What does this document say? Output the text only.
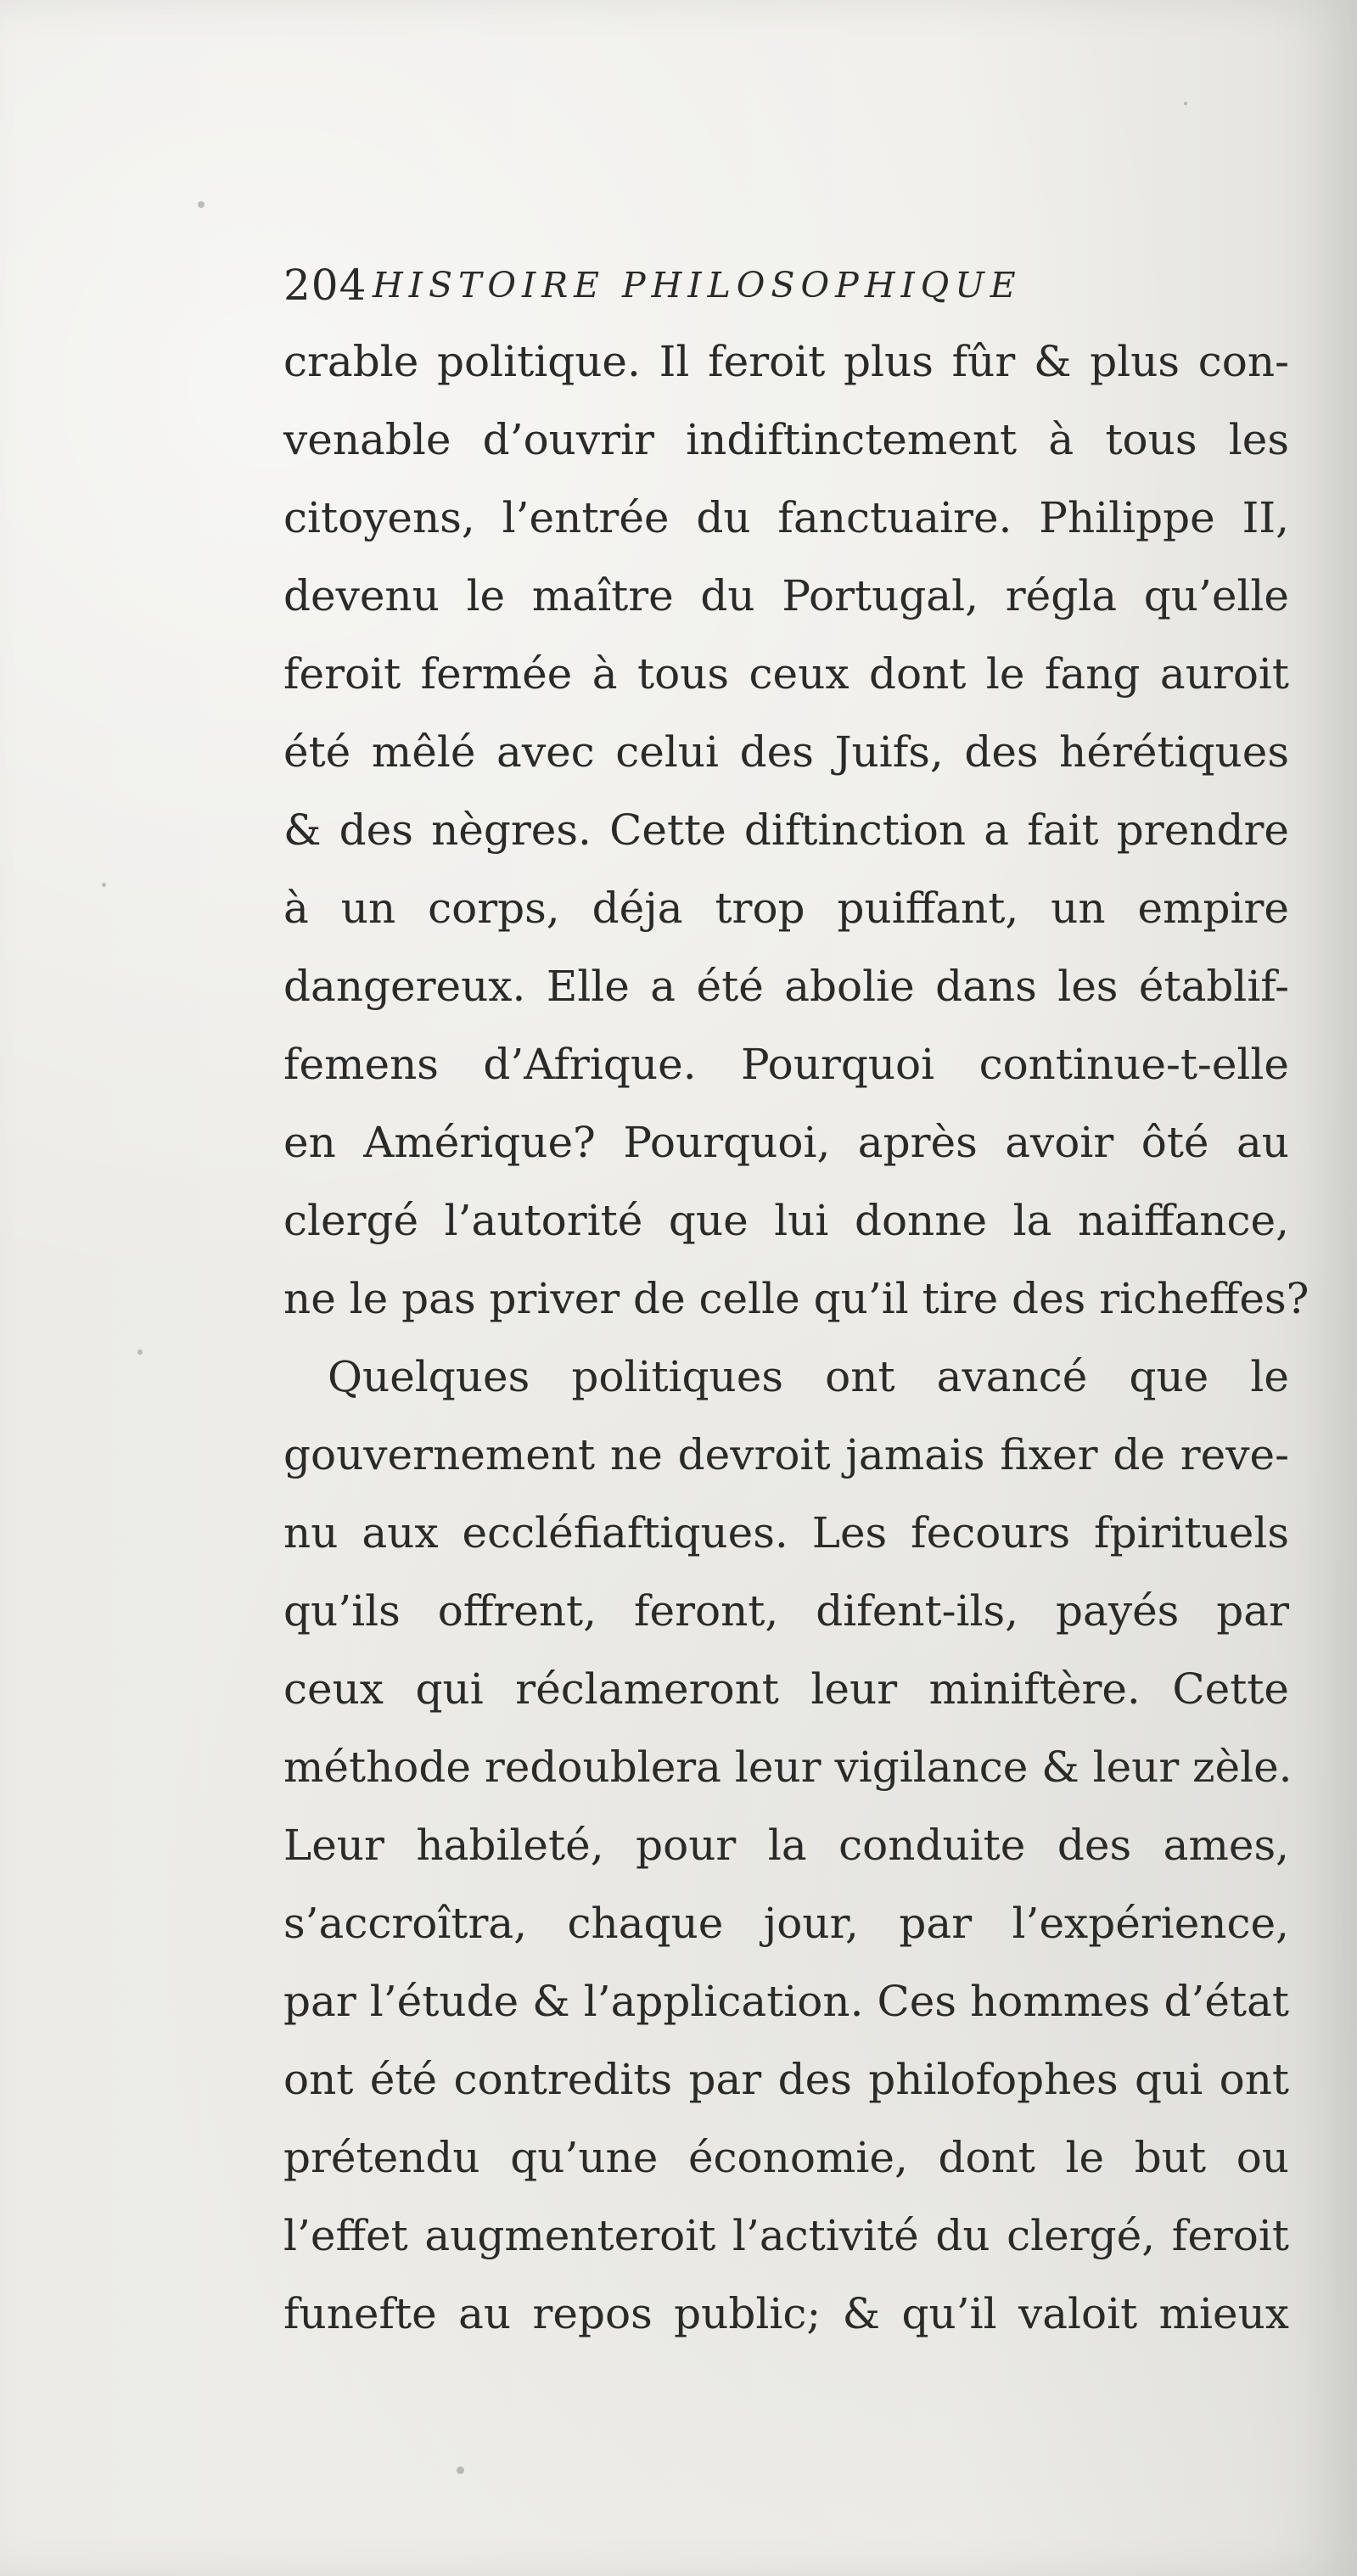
204 HISTOIRE PHILOSOPHIQUE
crable politique. Il feroit plus fûr & plus con-
venable d’ouvrir indiftinctement à tous les
citoyens, l’entrée du fanctuaire. Philippe II,
devenu le maître du Portugal, régla qu’elle
feroit fermée à tous ceux dont le fang auroit
été mêlé avec celui des Juifs, des hérétiques
& des nègres. Cette diftinction a fait prendre
à un corps, déja trop puiffant, un empire
dangereux. Elle a été abolie dans les établif-
femens d’Afrique. Pourquoi continue-t-elle
en Amérique? Pourquoi, après avoir ôté au
clergé l’autorité que lui donne la naiffance,
ne le pas priver de celle qu’il tire des richeffes?
Quelques politiques ont avancé que le
gouvernement ne devroit jamais fixer de reve-
nu aux eccléfiaftiques. Les fecours fpirituels
qu’ils offrent, feront, difent-ils, payés par
ceux qui réclameront leur miniftère. Cette
méthode redoublera leur vigilance & leur zèle.
Leur habileté, pour la conduite des ames,
s’accroîtra, chaque jour, par l’expérience,
par l’étude & l’application. Ces hommes d’état
ont été contredits par des philofophes qui ont
prétendu qu’une économie, dont le but ou
l’effet augmenteroit l’activité du clergé, feroit
funefte au repos public; & qu’il valoit mieux
